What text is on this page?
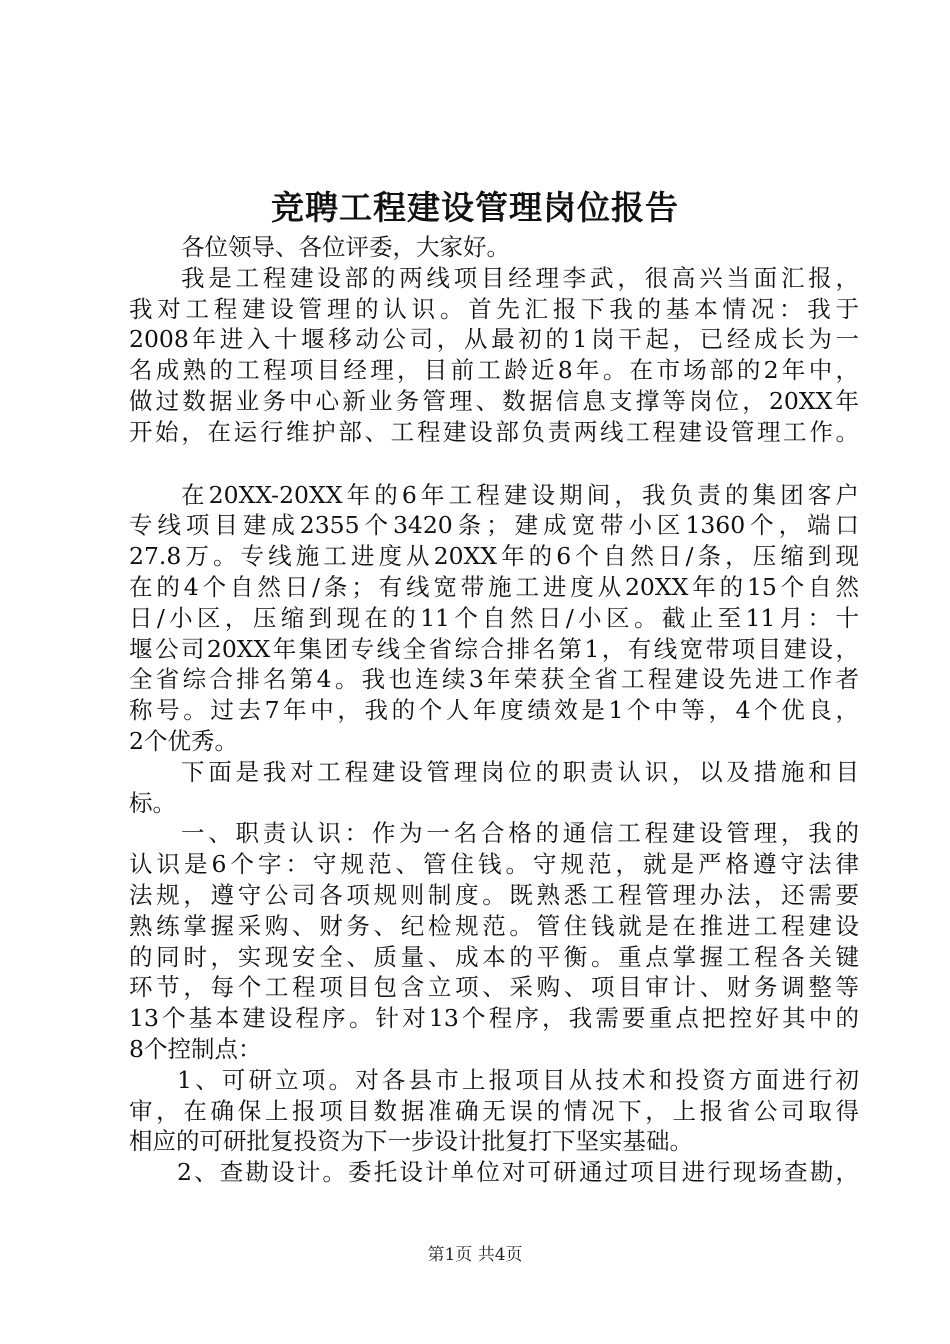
竞聘工程建设管理岗位报告
各位领导、各位评委，大家好。
我是工程建设部的两线项目经理李武，很高兴当面汇报，
我对工程建设管理的认识。首先汇报下我的基本情况：我于
2008年进入十堰移动公司，从最初的1岗干起，已经成长为一
名成熟的工程项目经理，目前工龄近8年。在市场部的2年中，
做过数据业务中心新业务管理、数据信息支撑等岗位，20XX年
开始，在运行维护部、工程建设部负责两线工程建设管理工作。
在20XX-20XX年的6年工程建设期间，我负责的集团客户
专线项目建成2355个3420条；建成宽带小区1360个，端口
27.8万。专线施工进度从20XX年的6个自然日/条，压缩到现
在的4个自然日/条；有线宽带施工进度从20XX年的15个自然
日/小区，压缩到现在的11个自然日/小区。截止至11月：十
堰公司20XX年集团专线全省综合排名第1，有线宽带项目建设，
全省综合排名第4。我也连续3年荣获全省工程建设先进工作者
称号。过去7年中，我的个人年度绩效是1个中等，4个优良，
2个优秀。
下面是我对工程建设管理岗位的职责认识，以及措施和目
标。
一、职责认识：作为一名合格的通信工程建设管理，我的
认识是6个字：守规范、管住钱。守规范，就是严格遵守法律
法规，遵守公司各项规则制度。既熟悉工程管理办法，还需要
熟练掌握采购、财务、纪检规范。管住钱就是在推进工程建设
的同时，实现安全、质量、成本的平衡。重点掌握工程各关键
环节，每个工程项目包含立项、采购、项目审计、财务调整等
13个基本建设程序。针对13个程序，我需要重点把控好其中的
8个控制点：
1、可研立项。对各县市上报项目从技术和投资方面进行初
审，在确保上报项目数据准确无误的情况下，上报省公司取得
相应的可研批复投资为下一步设计批复打下坚实基础。
2、查勘设计。委托设计单位对可研通过项目进行现场查勘，
第1页 共4页
